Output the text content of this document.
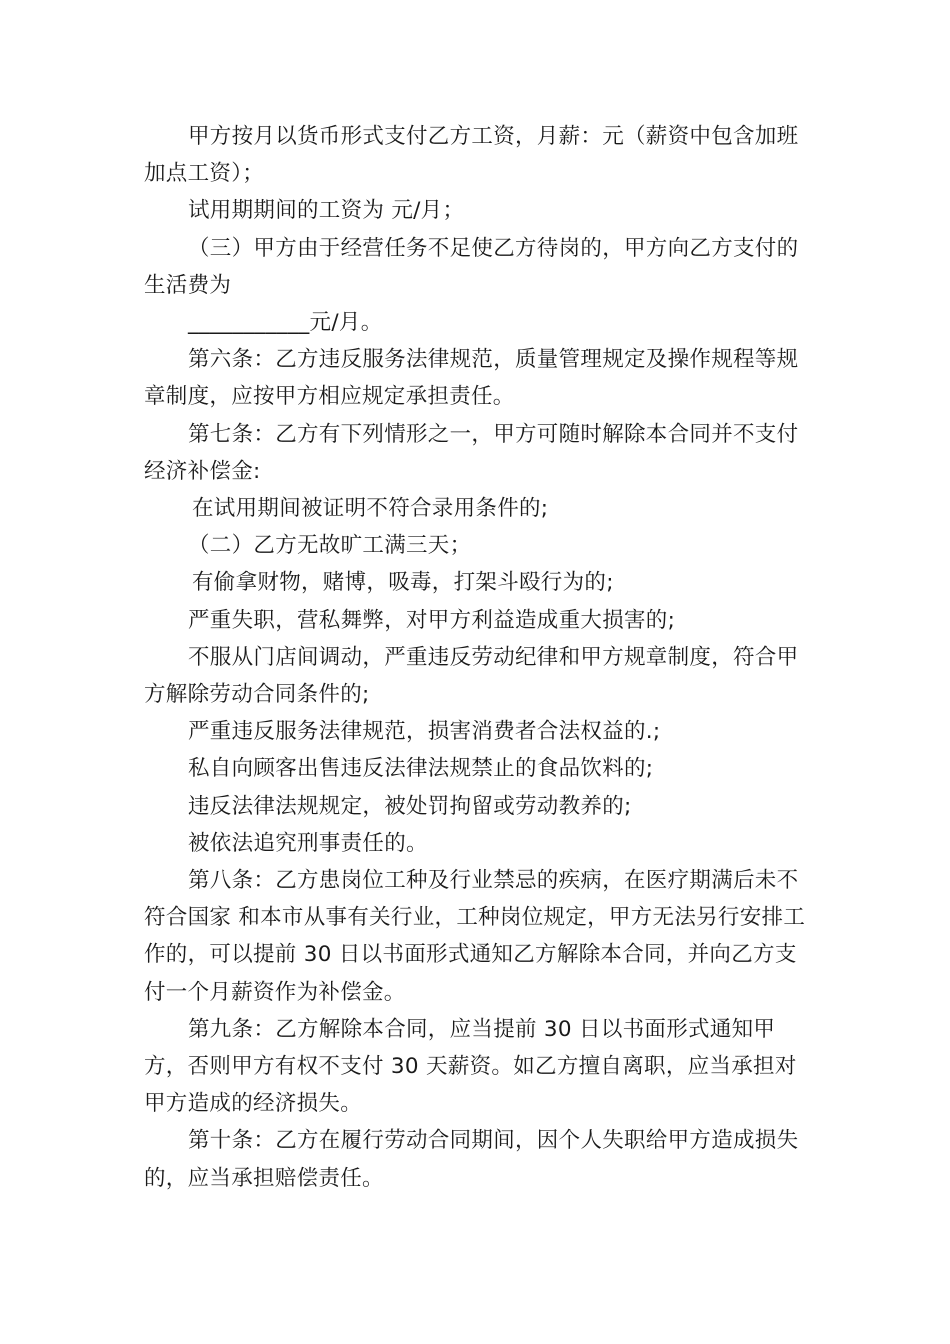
甲方按月以货币形式支付乙方工资，月薪：元（薪资中包含加班加点工资）；

试用期期间的工资为 元/月；

（三）甲方由于经营任务不足使乙方待岗的，甲方向乙方支付的生活费为

___________元/月。

第六条：乙方违反服务法律规范，质量管理规定及操作规程等规章制度，应按甲方相应规定承担责任。

第七条：乙方有下列情形之一，甲方可随时解除本合同并不支付经济补偿金:

在试用期间被证明不符合录用条件的;

（二）乙方无故旷工满三天；

有偷拿财物，赌博，吸毒，打架斗殴行为的;

严重失职，营私舞弊，对甲方利益造成重大损害的;

不服从门店间调动，严重违反劳动纪律和甲方规章制度，符合甲方解除劳动合同条件的;

严重违反服务法律规范，损害消费者合法权益的.;

私自向顾客出售违反法律法规禁止的食品饮料的;

违反法律法规规定，被处罚拘留或劳动教养的;

被依法追究刑事责任的。

第八条：乙方患岗位工种及行业禁忌的疾病，在医疗期满后未不符合国家 和本市从事有关行业，工种岗位规定，甲方无法另行安排工作的，可以提前 30 日以书面形式通知乙方解除本合同，并向乙方支付一个月薪资作为补偿金。

第九条：乙方解除本合同，应当提前 30 日以书面形式通知甲方，否则甲方有权不支付 30 天薪资。如乙方擅自离职，应当承担对甲方造成的经济损失。

第十条：乙方在履行劳动合同期间，因个人失职给甲方造成损失的，应当承担赔偿责任。
